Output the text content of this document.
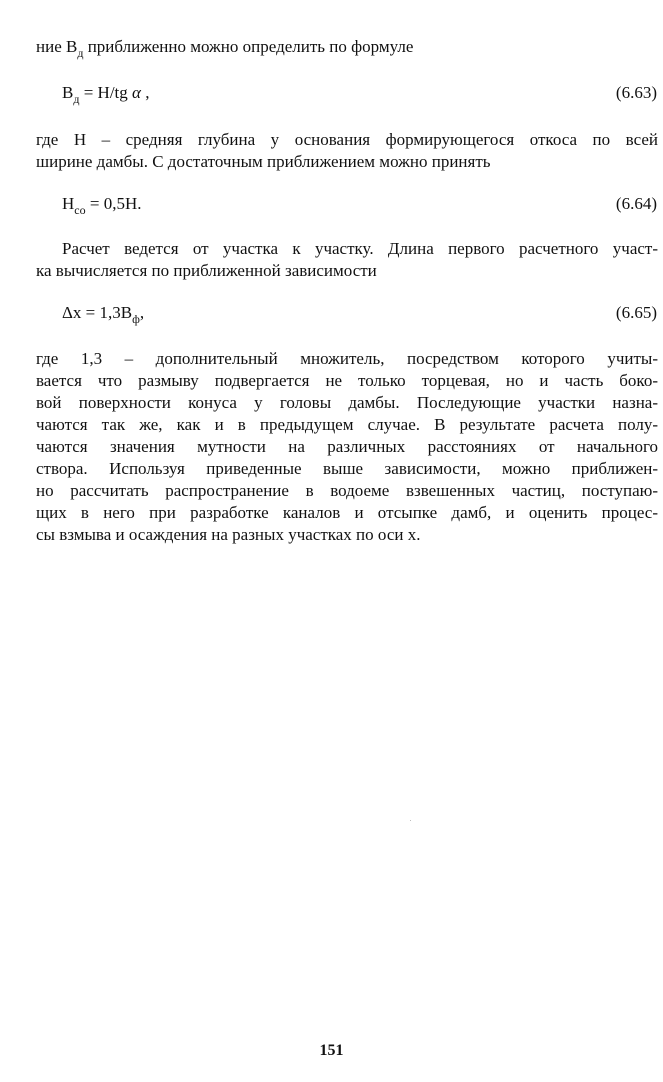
ние $В_д$ приближенно можно определить по формуле
$В_д = H/tg$ α ,	(6.63)
где Н – средняя глубина у основания формирующегося откоса по всей
ширине дамбы. С достаточным приближением можно принять
$Н_{со} = 0,5Н$.	(6.64)
Расчет ведется от участка к участку. Длина первого расчетного участ-
ка вычисляется по приближенной зависимости
$\Delta x = 1,3B_ф$,	(6.65)
где 1,3 – дополнительный множитель, посредством которого учиты-
вается что размыву подвергается не только торцевая, но и часть боко-
вой поверхности конуса у головы дамбы. Последующие участки назна-
чаются так же, как и в предыдущем случае. В результате расчета полу-
чаются значения мутности на различных расстояниях от начального
створа. Используя приведенные выше зависимости, можно приближен-
но рассчитать распространение в водоеме взвешенных частиц, поступаю-
щих в него при разработке каналов и отсыпке дамб, и оценить процес-
сы взмыва и осаждения на разных участках по оси x.
151
